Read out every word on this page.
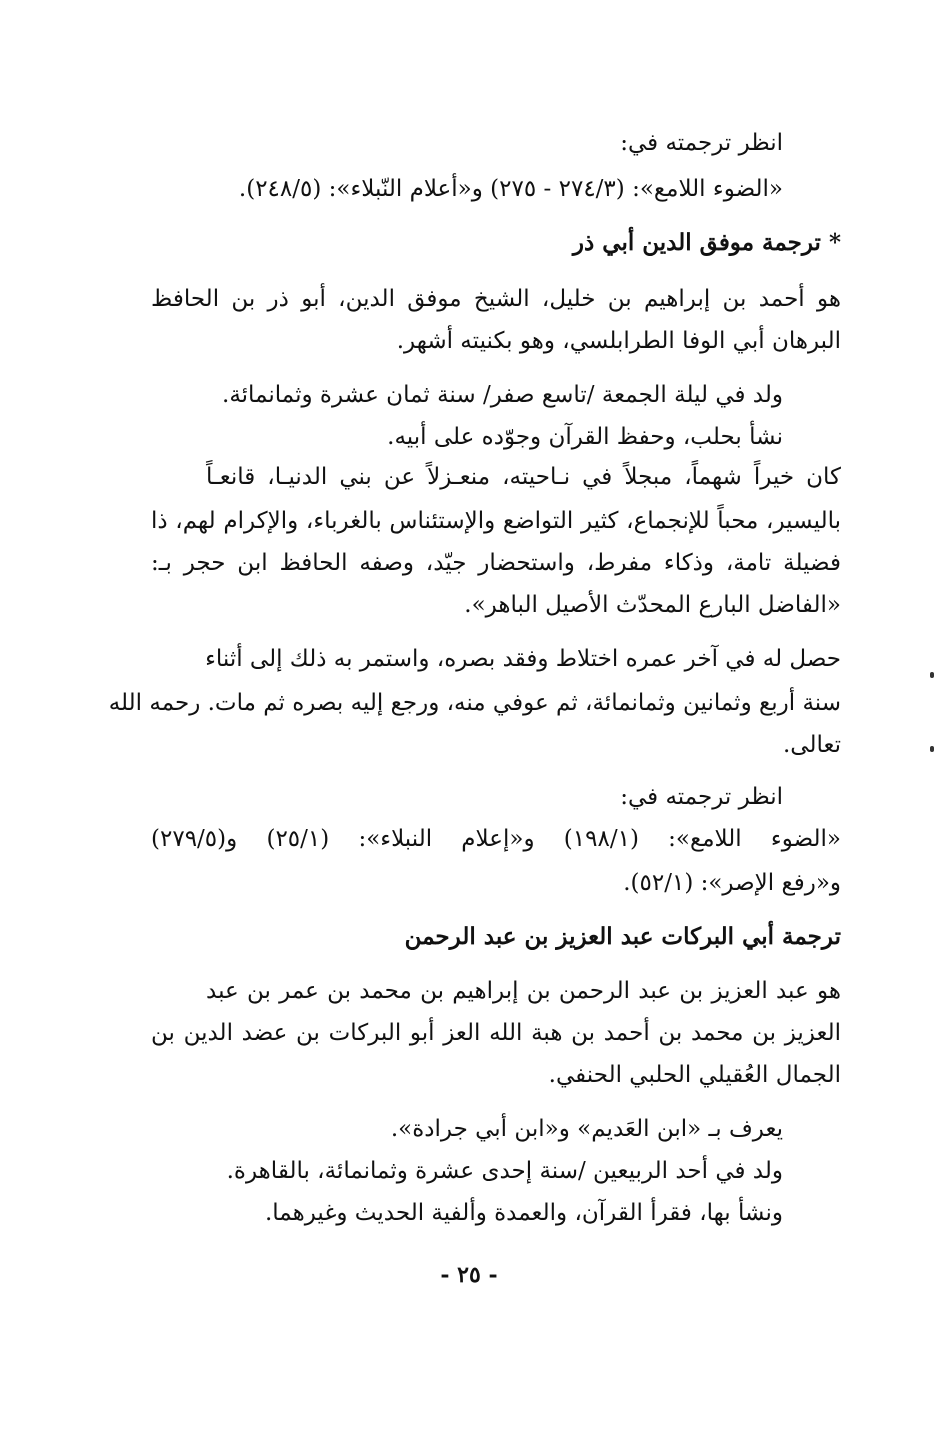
انظر ترجمته في:
«الضوء اللامع»: (٢٧٤/٣ - ٢٧٥) و«أعلام النّبلاء»: (٢٤٨/٥).
* ترجمة موفق الدين أبي ذر
هو أحمد بن إبراهيم بن خليل، الشيخ موفق الدين، أبو ذر بن الحافظ
البرهان أبي الوفا الطرابلسي، وهو بكنيته أشهر.
ولد في ليلة الجمعة /تاسع صفر/ سنة ثمان عشرة وثمانمائة.
نشأ بحلب، وحفظ القرآن وجوّده على أبيه.
كان خيراً شهماً، مبجلاً في نـاحيته، منعـزلاً عن بني الدنيـا، قانعـاً
باليسير، محباً للإنجماع، كثير التواضع والإستئناس بالغرباء، والإكرام لهم، ذا
فضيلة تامة، وذكاء مفرط، واستحضار جيّد، وصفه الحافظ ابن حجر بـ:
«الفاضل البارع المحدّث الأصيل الباهر».
حصل له في آخر عمره اختلاط وفقد بصره، واستمر به ذلك إلى أثناء
سنة أربع وثمانين وثمانمائة، ثم عوفي منه، ورجع إليه بصره ثم مات. رحمه الله
تعالى.
انظر ترجمته في:
«الضوء اللامع»: (١٩٨/١) و«إعلام النبلاء»: (٢٥/١) و(٢٧٩/٥)
و«رفع الإصر»: (٥٢/١).
ترجمة أبي البركات عبد العزيز بن عبد الرحمن
هو عبد العزيز بن عبد الرحمن بن إبراهيم بن محمد بن عمر بن عبد
العزيز بن محمد بن أحمد بن هبة الله العز أبو البركات بن عضد الدين بن
الجمال العُقيلي الحلبي الحنفي.
يعرف بـ «ابن العَديم» و«ابن أبي جرادة».
ولد في أحد الربيعين /سنة إحدى عشرة وثمانمائة، بالقاهرة.
ونشأ بها، فقرأ القرآن، والعمدة وألفية الحديث وغيرهما.
- ٢٥ -
